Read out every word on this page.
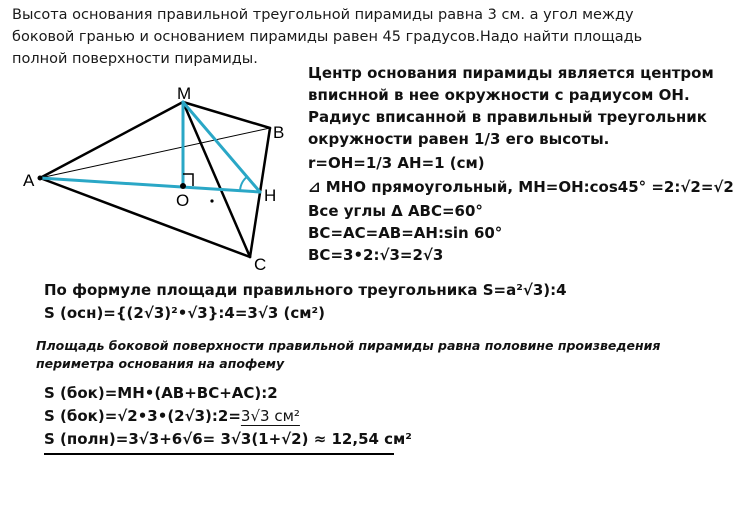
Высота основания правильной треугольной пирамиды равна 3 см. а угол между
боковой гранью и основанием пирамиды равен 45 градусов.Надо найти площадь
полной поверхности пирамиды.
M
A
B
O	H
C
Центр основания пирамиды является центром
впиcнной в нее окружности с радиусом OH.
Радиус вписанной в правильный треугольник
окружности равен 1/3 его высоты.
r=OH=1/3 AH=1 (см)
⊿ MHO прямоугольный, MH=OH:cos45° =2:√2=√2
Все углы Δ ABC=60°
BC=AC=AB=AH:sin 60°
BC=3•2:√3=2√3
По формуле площади правильного треугольника S=a²√3):4
S (осн)={(2√3)²•√3}:4=3√3 (см²)
Площадь боковой поверхности правильной пирамиды равна половине произведения
периметра основания на апофему
S (бок)=MH•(AB+BC+AC):2
S (бок)=√2•3•(2√3):2=3√3 см²
S (полн)=3√3+6√6= 3√3(1+√2) ≈ 12,54 см²
